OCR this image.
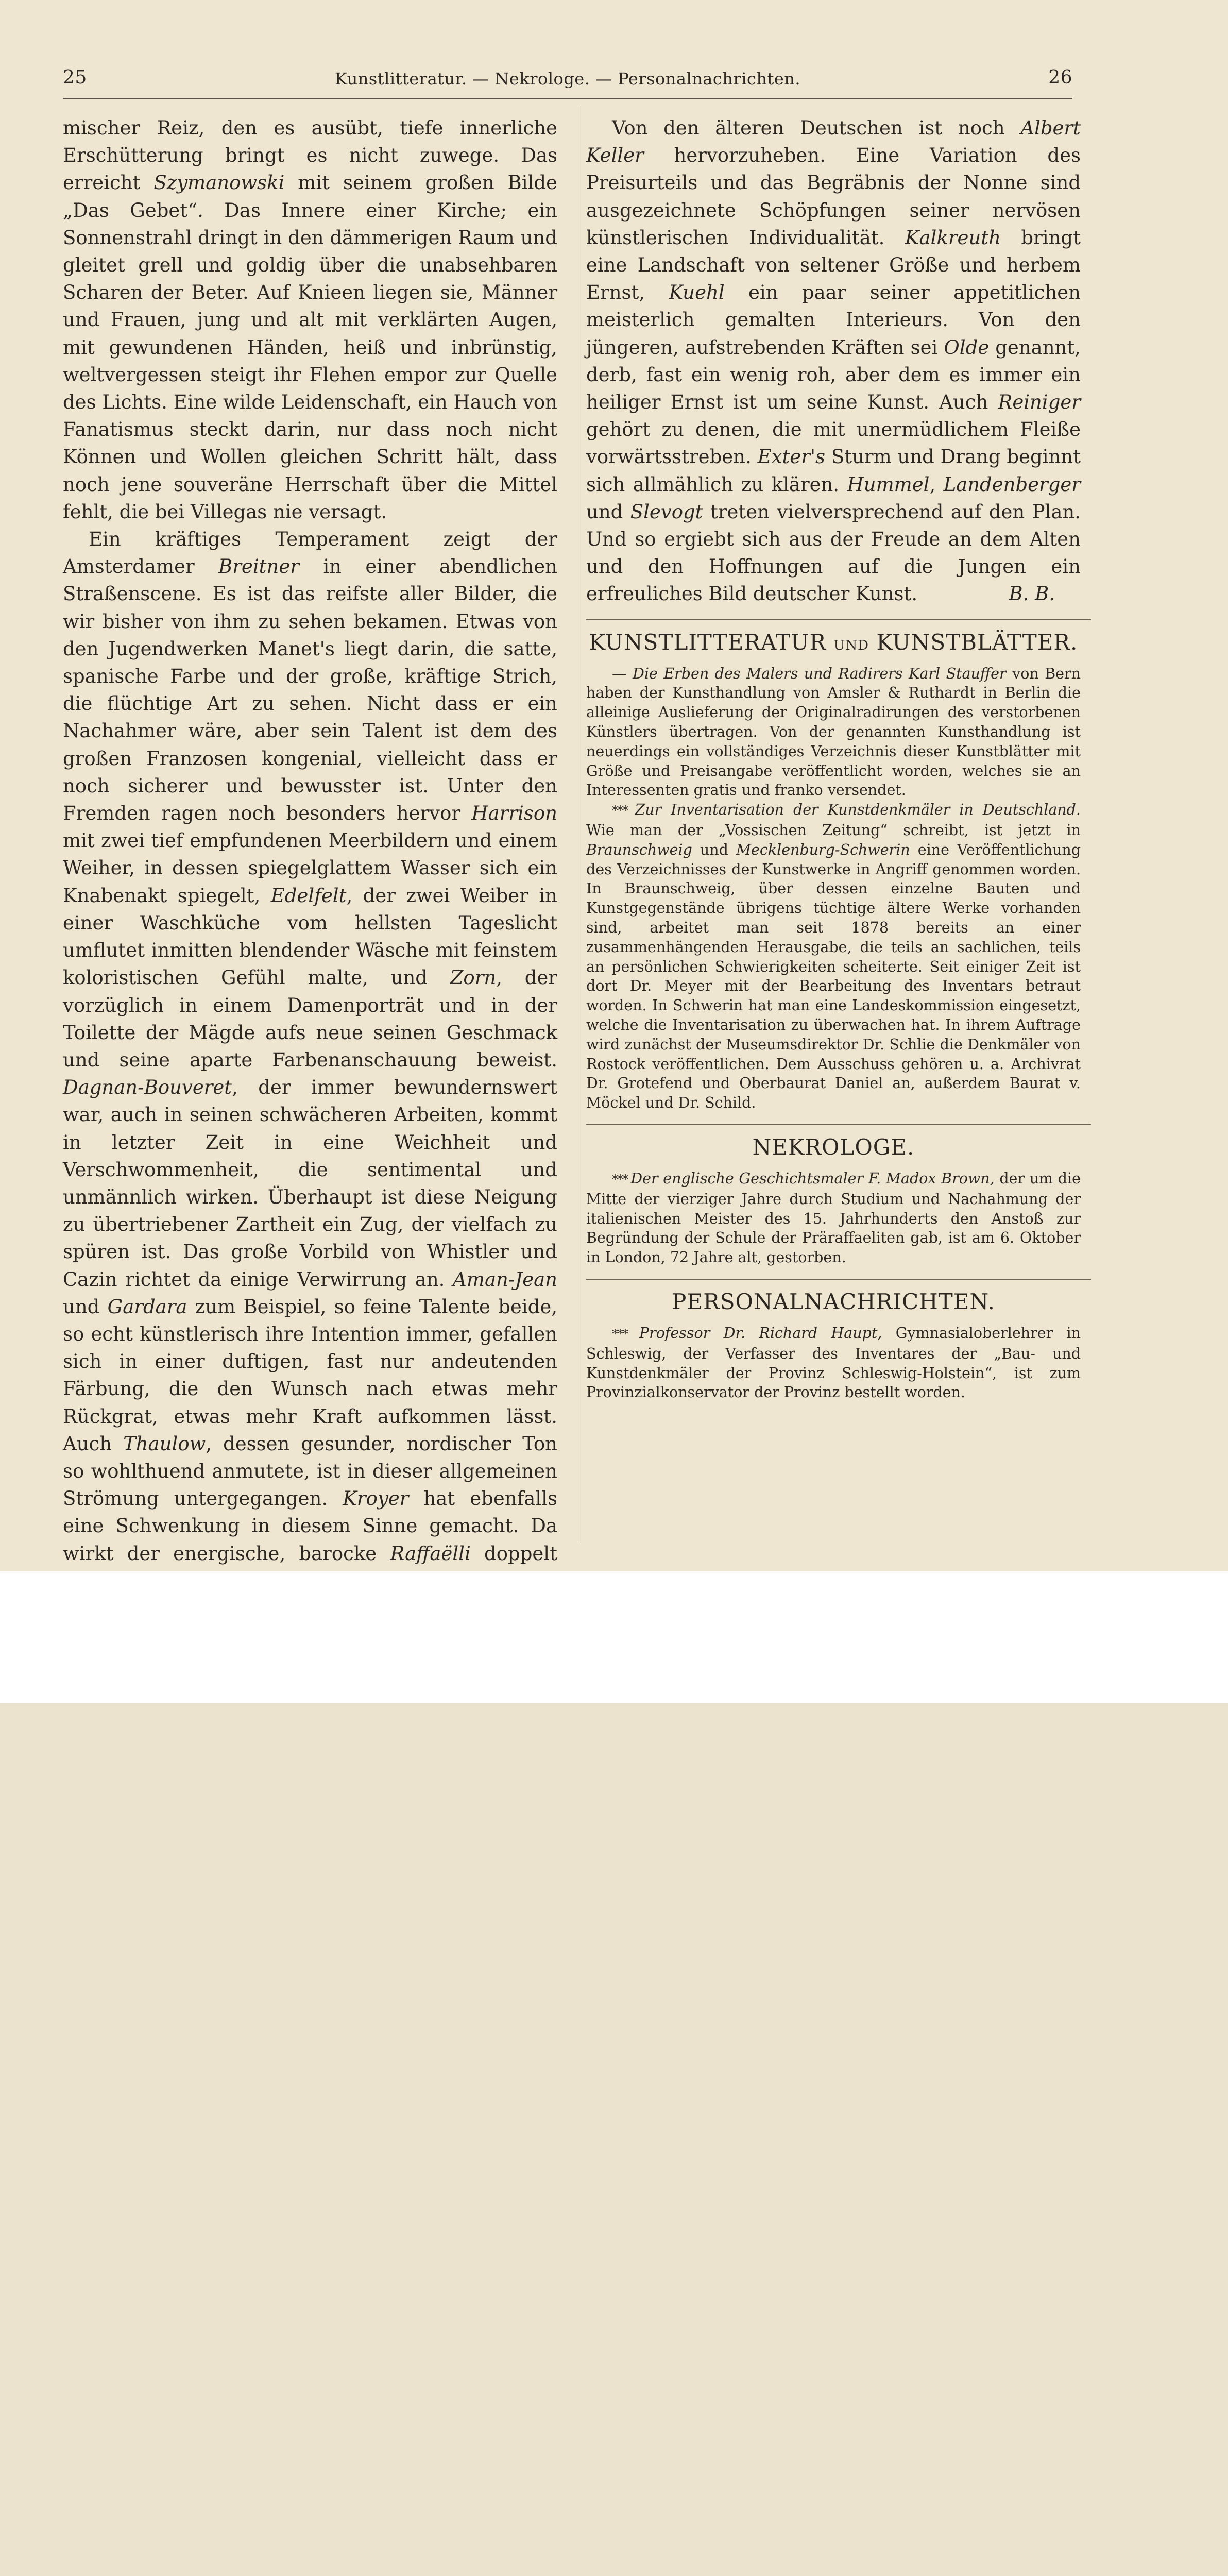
25	Kunstlitteratur. — Nekrologe. — Personalnachrichten.	26

mischer Reiz, den es ausübt, tiefe innerliche Erschütterung bringt es nicht zuwege. Das erreicht Szymanowski mit seinem großen Bilde „Das Gebet“. Das Innere einer Kirche; ein Sonnenstrahl dringt in den dämmerigen Raum und gleitet grell und goldig über die unabsehbaren Scharen der Beter. Auf Knieen liegen sie, Männer und Frauen, jung und alt mit verklärten Augen, mit gewundenen Händen, heiß und inbrünstig, weltvergessen steigt ihr Flehen empor zur Quelle des Lichts. Eine wilde Leidenschaft, ein Hauch von Fanatismus steckt darin, nur dass noch nicht Können und Wollen gleichen Schritt hält, dass noch jene souveräne Herrschaft über die Mittel fehlt, die bei Villegas nie versagt.

Ein kräftiges Temperament zeigt der Amsterdamer Breitner in einer abendlichen Straßenscene. Es ist das reifste aller Bilder, die wir bisher von ihm zu sehen bekamen. Etwas von den Jugendwerken Manet's liegt darin, die satte, spanische Farbe und der große, kräftige Strich, die flüchtige Art zu sehen. Nicht dass er ein Nachahmer wäre, aber sein Talent ist dem des großen Franzosen kongenial, vielleicht dass er noch sicherer und bewusster ist. Unter den Fremden ragen noch besonders hervor Harrison mit zwei tief empfundenen Meerbildern und einem Weiher, in dessen spiegelglattem Wasser sich ein Knabenakt spiegelt, Edelfelt, der zwei Weiber in einer Waschküche vom hellsten Tageslicht umflutet inmitten blendender Wäsche mit feinstem koloristischen Gefühl malte, und Zorn, der vorzüglich in einem Damenporträt und in der Toilette der Mägde aufs neue seinen Geschmack und seine aparte Farbenanschauung beweist. Dagnan-Bouveret, der immer bewundernswert war, auch in seinen schwächeren Arbeiten, kommt in letzter Zeit in eine Weichheit und Verschwommenheit, die sentimental und unmännlich wirken. Überhaupt ist diese Neigung zu übertriebener Zartheit ein Zug, der vielfach zu spüren ist. Das große Vorbild von Whistler und Cazin richtet da einige Verwirrung an. Aman-Jean und Gardara zum Beispiel, so feine Talente beide, so echt künstlerisch ihre Intention immer, gefallen sich in einer duftigen, fast nur andeutenden Färbung, die den Wunsch nach etwas mehr Rückgrat, etwas mehr Kraft aufkommen lässt. Auch Thaulow, dessen gesunder, nordischer Ton so wohlthuend anmutete, ist in dieser allgemeinen Strömung untergegangen. Kroyer hat ebenfalls eine Schwenkung in diesem Sinne gemacht. Da wirkt der energische, barocke Raffaëlli doppelt

Von den älteren Deutschen ist noch Albert Keller hervorzuheben. Eine Variation des Preisurteils und das Begräbnis der Nonne sind ausgezeichnete Schöpfungen seiner nervösen künstlerischen Individualität. Kalkreuth bringt eine Landschaft von seltener Größe und herbem Ernst, Kuehl ein paar seiner appetitlichen meisterlich gemalten Interieurs. Von den jüngeren, aufstrebenden Kräften sei Olde genannt, derb, fast ein wenig roh, aber dem es immer ein heiliger Ernst ist um seine Kunst. Auch Reiniger gehört zu denen, die mit unermüdlichem Fleiße vorwärtsstreben. Exter's Sturm und Drang beginnt sich allmählich zu klären. Hummel, Landenberger und Slevogt treten vielversprechend auf den Plan. Und so ergiebt sich aus der Freude an dem Alten und den Hoffnungen auf die Jungen ein erfreuliches Bild deutscher Kunst.	B. B.

KUNSTLITTERATUR UND KUNSTBLÄTTER.

— Die Erben des Malers und Radirers Karl Stauffer von Bern haben der Kunsthandlung von Amsler & Ruthardt in Berlin die alleinige Auslieferung der Originalradirungen des verstorbenen Künstlers übertragen. Von der genannten Kunsthandlung ist neuerdings ein vollständiges Verzeichnis dieser Kunstblätter mit Größe und Preisangabe veröffentlicht worden, welches sie an Interessenten gratis und franko versendet.

*** Zur Inventarisation der Kunstdenkmäler in Deutschland. Wie man der „Vossischen Zeitung“ schreibt, ist jetzt in Braunschweig und Mecklenburg-Schwerin eine Veröffentlichung des Verzeichnisses der Kunstwerke in Angriff genommen worden. In Braunschweig, über dessen einzelne Bauten und Kunstgegenstände übrigens tüchtige ältere Werke vorhanden sind, arbeitet man seit 1878 bereits an einer zusammenhängenden Herausgabe, die teils an sachlichen, teils an persönlichen Schwierigkeiten scheiterte. Seit einiger Zeit ist dort Dr. Meyer mit der Bearbeitung des Inventars betraut worden. In Schwerin hat man eine Landeskommission eingesetzt, welche die Inventarisation zu überwachen hat. In ihrem Auftrage wird zunächst der Museumsdirektor Dr. Schlie die Denkmäler von Rostock veröffentlichen. Dem Ausschuss gehören u. a. Archivrat Dr. Grotefend und Oberbaurat Daniel an, außerdem Baurat v. Möckel und Dr. Schild.

NEKROLOGE.

*** Der englische Geschichtsmaler F. Madox Brown, der um die Mitte der vierziger Jahre durch Studium und Nachahmung der italienischen Meister des 15. Jahrhunderts den Anstoß zur Begründung der Schule der Präraffaeliten gab, ist am 6. Oktober in London, 72 Jahre alt, gestorben.

PERSONALNACHRICHTEN.

*** Professor Dr. Richard Haupt, Gymnasialoberlehrer in Schleswig, der Verfasser des Inventares der „Bau- und Kunstdenkmäler der Provinz Schleswig-Holstein“, ist zum Provinzialkonservator der Provinz bestellt worden.
